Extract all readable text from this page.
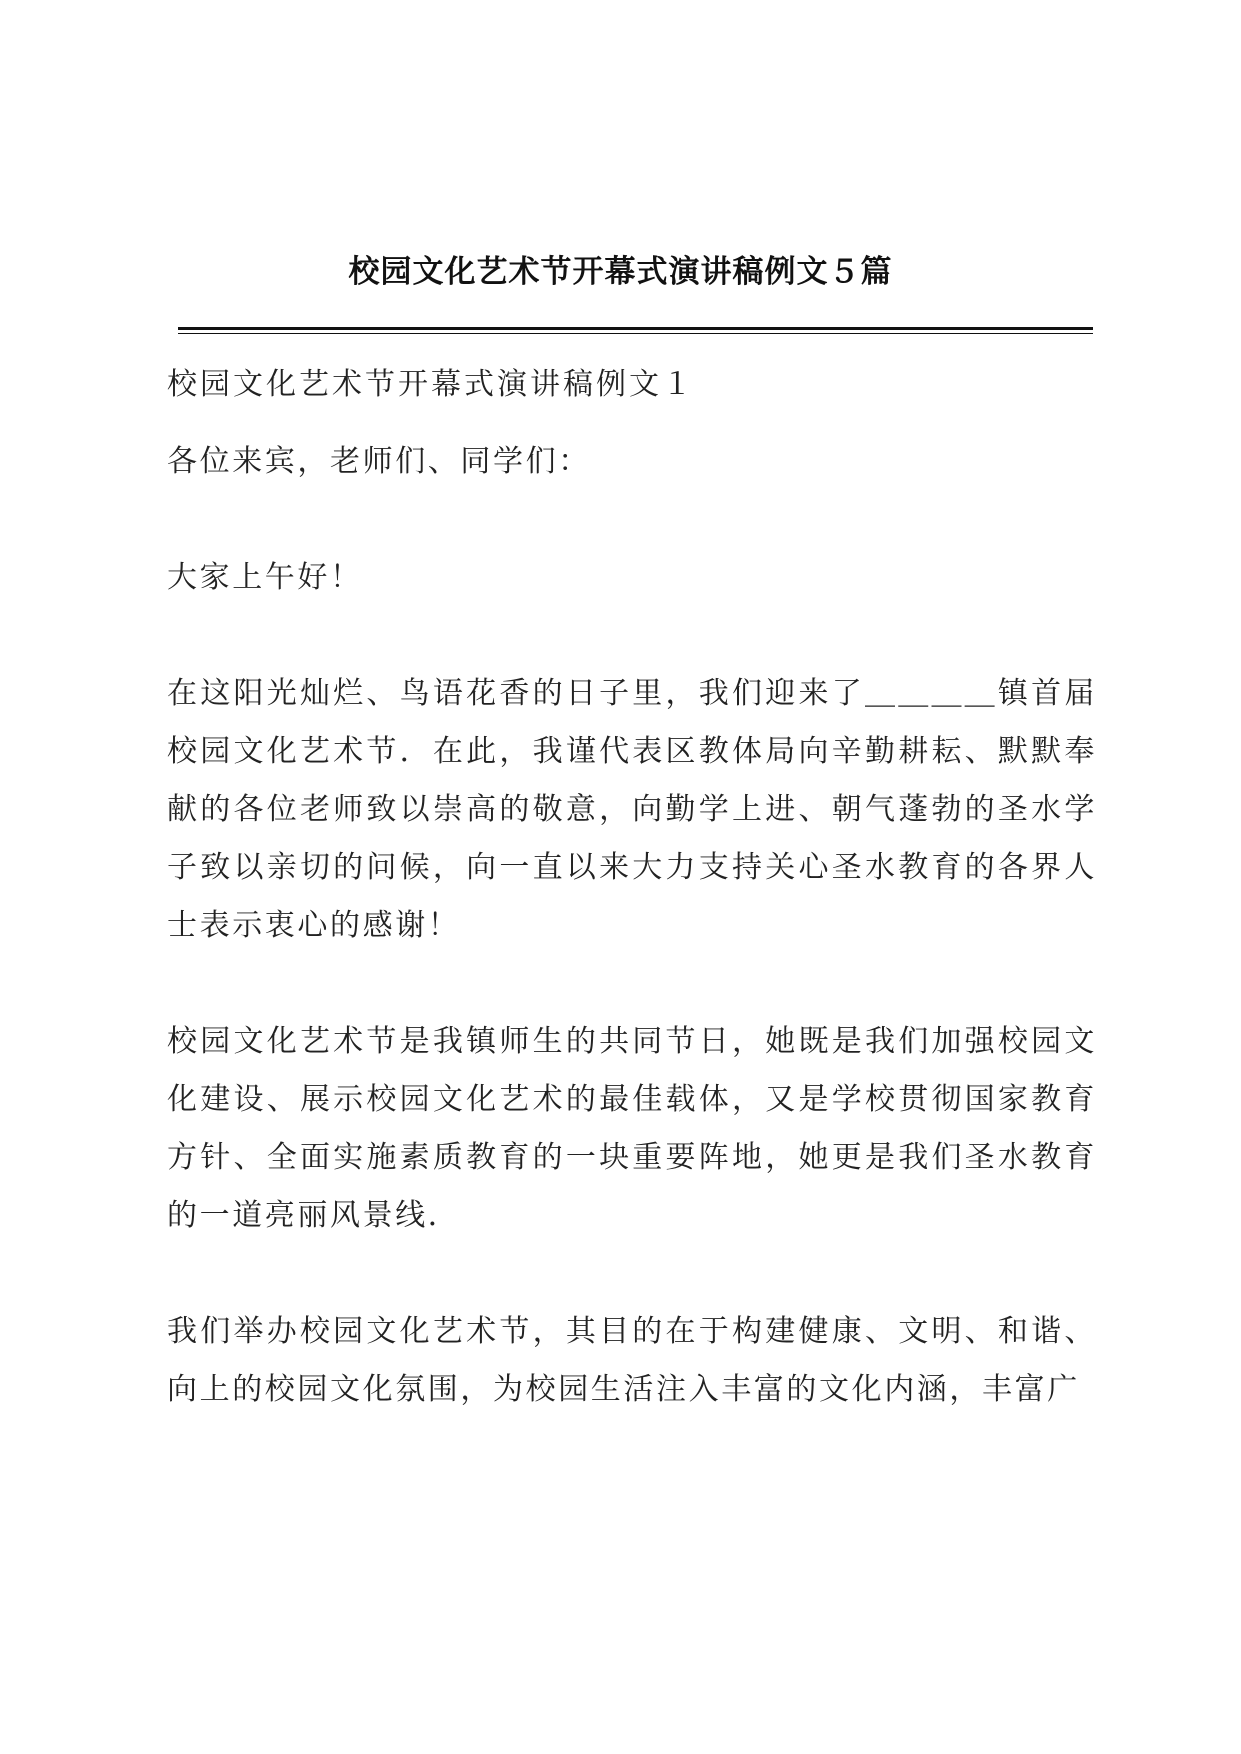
校园文化艺术节开幕式演讲稿例文５篇

校园文化艺术节开幕式演讲稿例文１

各位来宾，老师们、同学们：

大家上午好！

在这阳光灿烂、鸟语花香的日子里，我们迎来了＿＿＿＿镇首届校园文化艺术节．在此，我谨代表区教体局向辛勤耕耘、默默奉献的各位老师致以崇高的敬意，向勤学上进、朝气蓬勃的圣水学子致以亲切的问候，向一直以来大力支持关心圣水教育的各界人士表示衷心的感谢！

校园文化艺术节是我镇师生的共同节日，她既是我们加强校园文化建设、展示校园文化艺术的最佳载体，又是学校贯彻国家教育方针、全面实施素质教育的一块重要阵地，她更是我们圣水教育的一道亮丽风景线．

我们举办校园文化艺术节，其目的在于构建健康、文明、和谐、向上的校园文化氛围，为校园生活注入丰富的文化内涵，丰富广
